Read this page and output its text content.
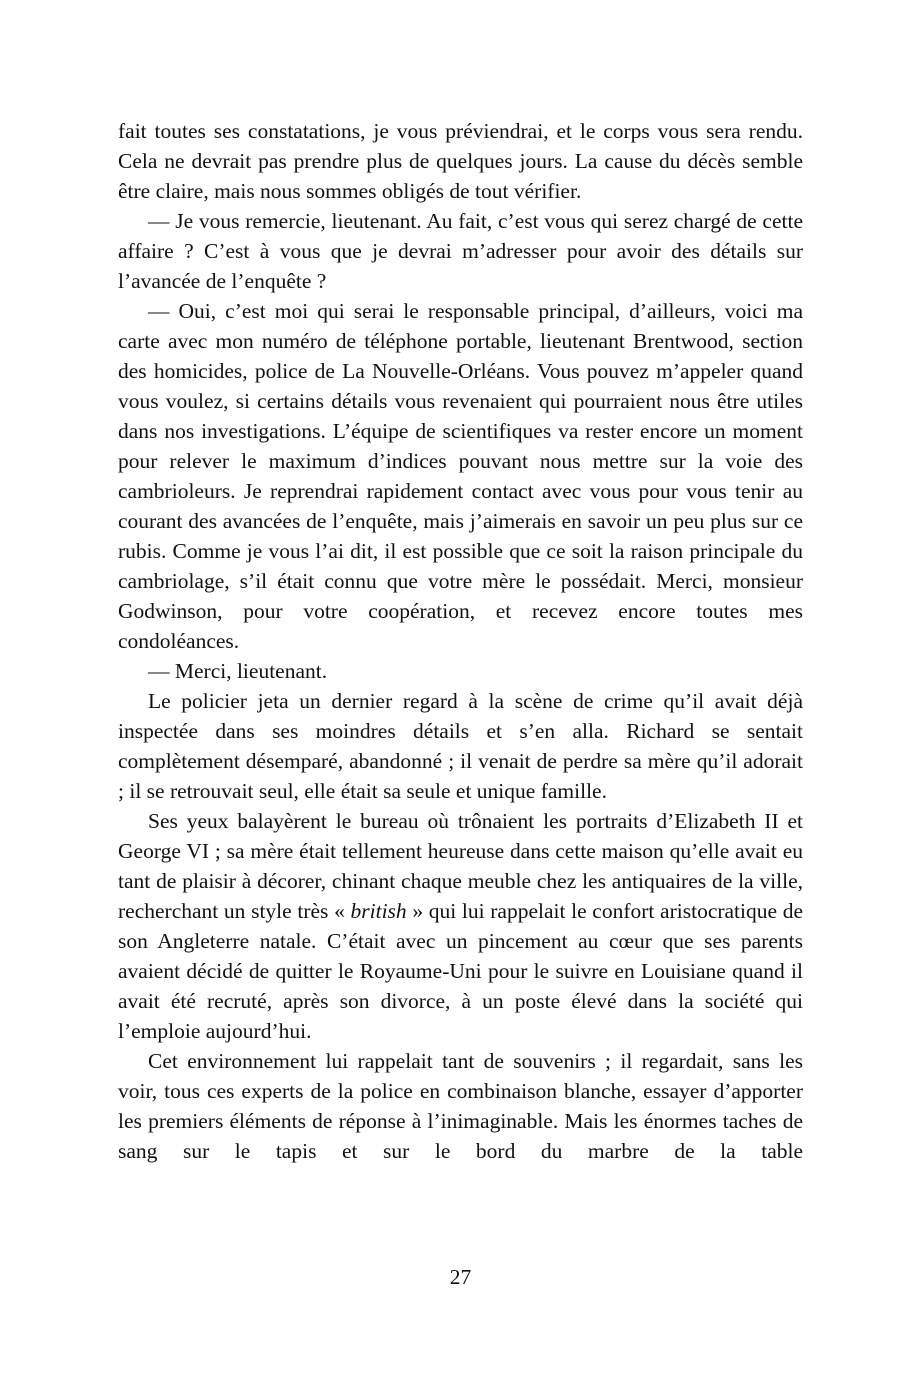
fait toutes ses constatations, je vous préviendrai, et le corps vous sera rendu. Cela ne devrait pas prendre plus de quelques jours. La cause du décès semble être claire, mais nous sommes obligés de tout vérifier.

— Je vous remercie, lieutenant. Au fait, c’est vous qui serez chargé de cette affaire ? C’est à vous que je devrai m’adresser pour avoir des détails sur l’avancée de l’enquête ?

— Oui, c’est moi qui serai le responsable principal, d’ailleurs, voici ma carte avec mon numéro de téléphone portable, lieutenant Brentwood, section des homicides, police de La Nouvelle-Orléans. Vous pouvez m’appeler quand vous voulez, si certains détails vous revenaient qui pourraient nous être utiles dans nos investigations. L’équipe de scientifiques va rester encore un moment pour relever le maximum d’indices pouvant nous mettre sur la voie des cambrioleurs. Je reprendrai rapidement contact avec vous pour vous tenir au courant des avancées de l’enquête, mais j’aimerais en savoir un peu plus sur ce rubis. Comme je vous l’ai dit, il est possible que ce soit la raison principale du cambriolage, s’il était connu que votre mère le possédait. Merci, monsieur Godwinson, pour votre coopération, et recevez encore toutes mes condoléances.

— Merci, lieutenant.

Le policier jeta un dernier regard à la scène de crime qu’il avait déjà inspectée dans ses moindres détails et s’en alla. Richard se sentait complètement désemparé, abandonné ; il venait de perdre sa mère qu’il adorait ; il se retrouvait seul, elle était sa seule et unique famille.

Ses yeux balayèrent le bureau où trônaient les portraits d’Elizabeth II et George VI ; sa mère était tellement heureuse dans cette maison qu’elle avait eu tant de plaisir à décorer, chinant chaque meuble chez les antiquaires de la ville, recherchant un style très « british » qui lui rappelait le confort aristocratique de son Angleterre natale. C’était avec un pincement au cœur que ses parents avaient décidé de quitter le Royaume-Uni pour le suivre en Louisiane quand il avait été recruté, après son divorce, à un poste élevé dans la société qui l’emploie aujourd’hui.

Cet environnement lui rappelait tant de souvenirs ; il regardait, sans les voir, tous ces experts de la police en combinaison blanche, essayer d’apporter les premiers éléments de réponse à l’inimaginable. Mais les énormes taches de sang sur le tapis et sur le bord du marbre de la table

27
